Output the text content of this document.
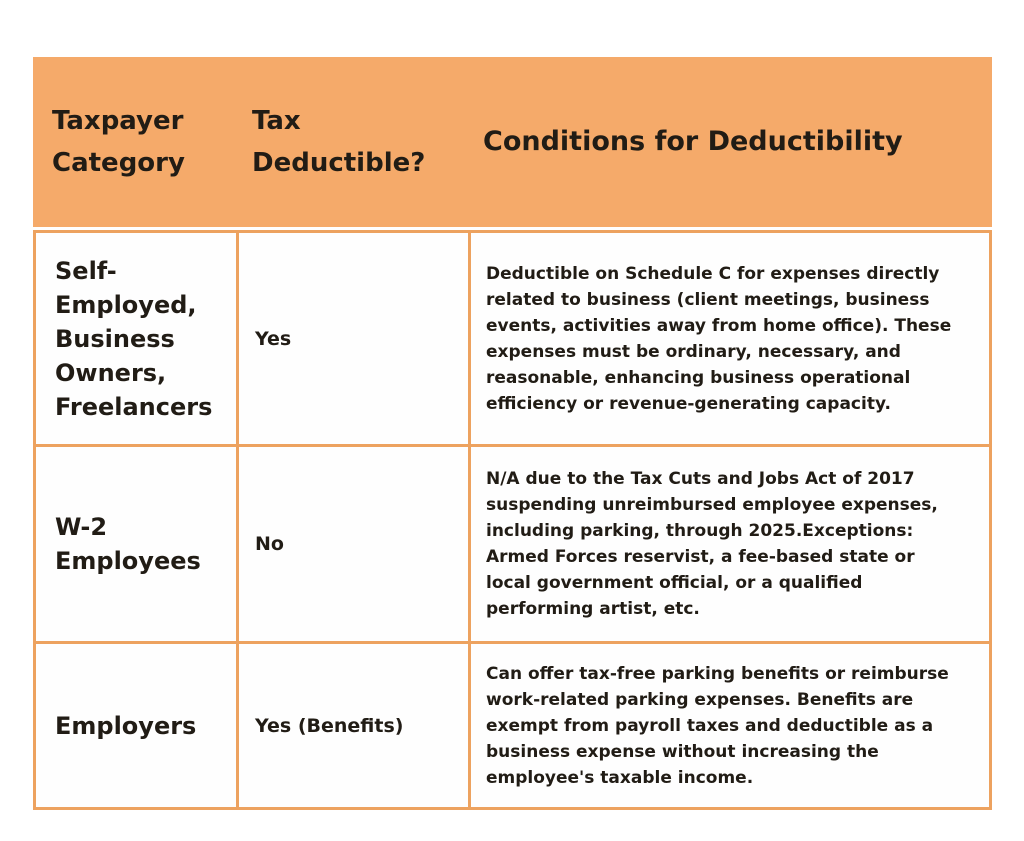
Taxpayer Category
Tax Deductible?
Conditions for Deductibility
Self-Employed, Business Owners, Freelancers
Yes
Deductible on Schedule C for expenses directly related to business (client meetings, business events, activities away from home office). These expenses must be ordinary, necessary, and reasonable, enhancing business operational efficiency or revenue-generating capacity.
W-2 Employees
No
N/A due to the Tax Cuts and Jobs Act of 2017 suspending unreimbursed employee expenses, including parking, through 2025.Exceptions: Armed Forces reservist, a fee-based state or local government official, or a qualified performing artist, etc.
Employers	Yes (Benefits)
Can offer tax-free parking benefits or reimburse work-related parking expenses. Benefits are exempt from payroll taxes and deductible as a business expense without increasing the employee's taxable income.
